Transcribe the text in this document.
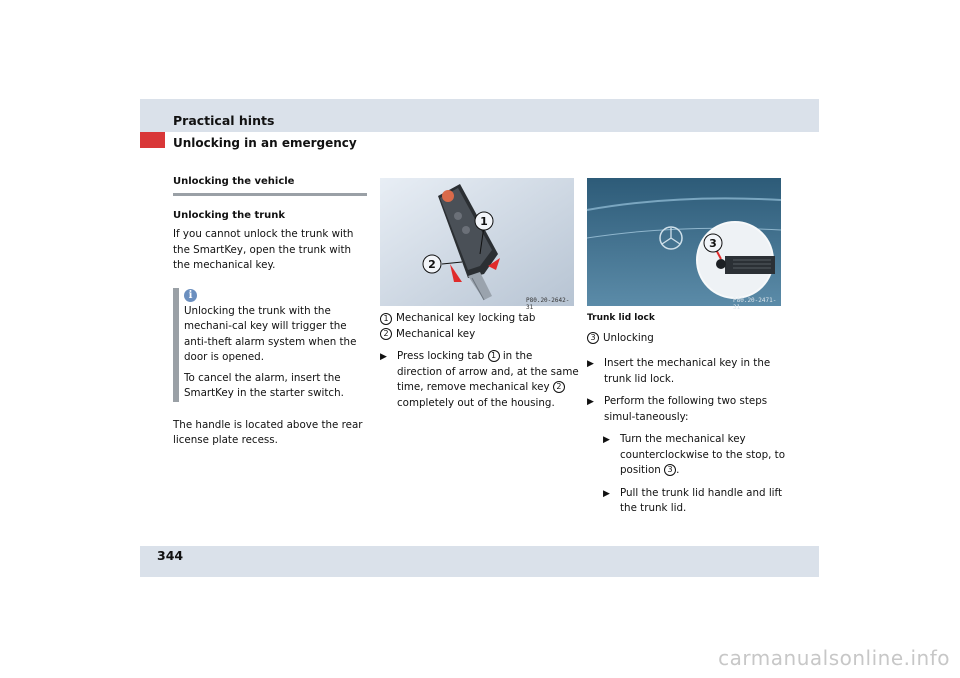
Practical hints
Unlocking in an emergency
Unlocking the vehicle
Unlocking the trunk

If you cannot unlock the trunk with the SmartKey, open the trunk with the mechanical key.

i

Unlocking the trunk with the mechani-cal key will trigger the anti-theft alarm system when the door is opened.

To cancel the alarm, insert the SmartKey in the starter switch.

The handle is located above the rear license plate recess.

1
2
P80.20-2642-31
3
P80.20-2471-31
1 Mechanical key locking tab
2 Mechanical key
▶ Press locking tab 1 in the direction of arrow and, at the same time, remove mechanical key 2 completely out of the housing.
Trunk lid lock
3 Unlocking
▶ Insert the mechanical key in the trunk lid lock.
▶ Perform the following two steps simul-taneously:
▶ Turn the mechanical key counterclockwise to the stop, to position 3 .
▶ Pull the trunk lid handle and lift the trunk lid.
344
carmanualsonline.info
